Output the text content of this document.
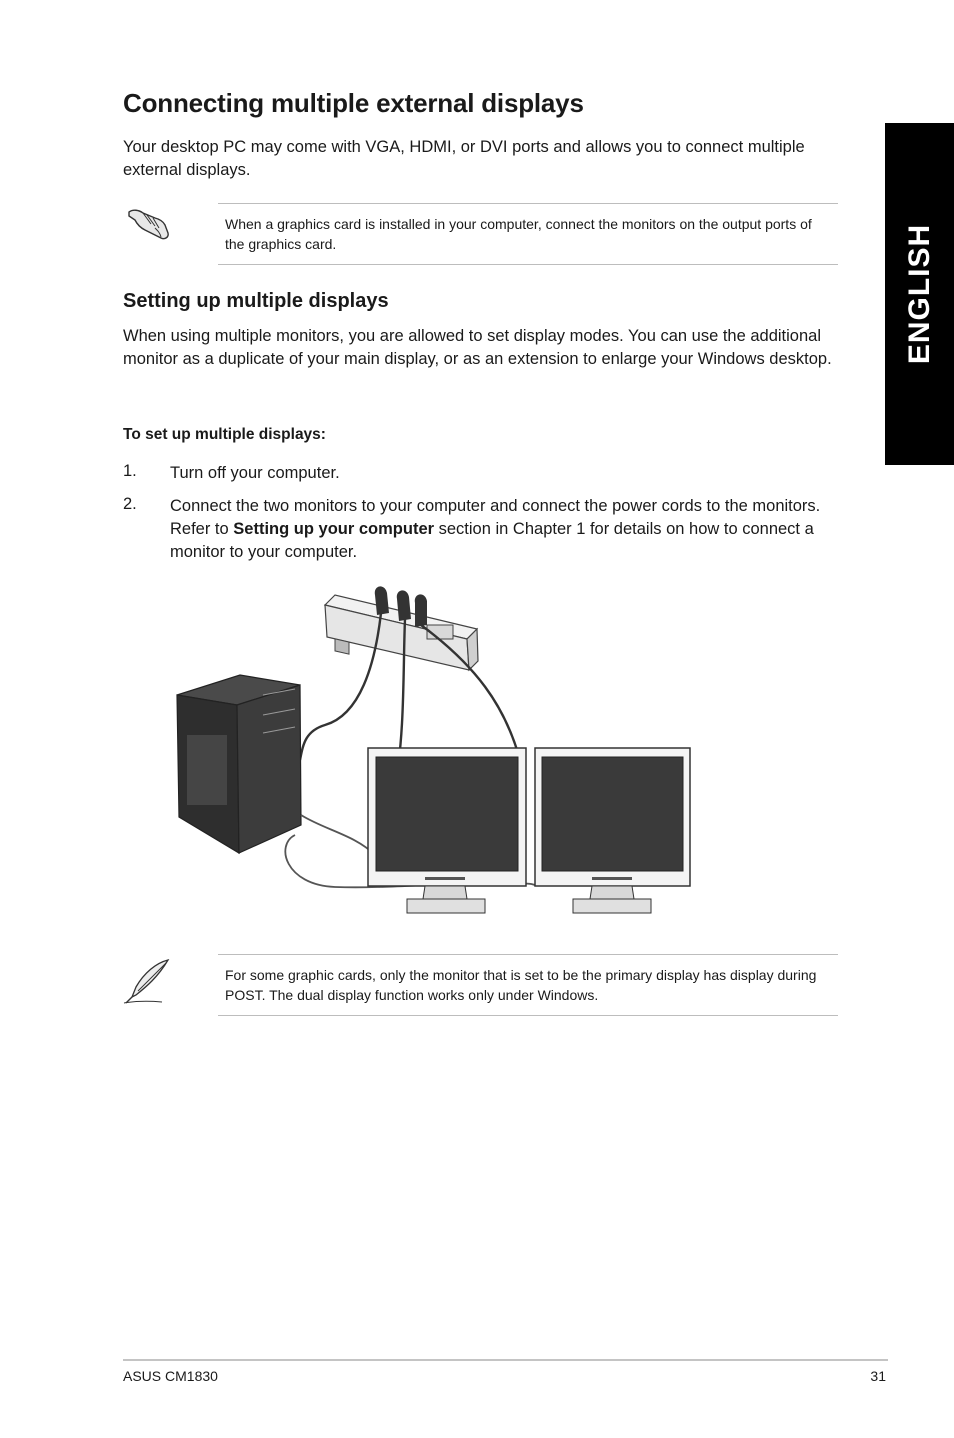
Connecting multiple external displays

Your desktop PC may come with VGA, HDMI, or DVI ports and allows you to connect multiple external displays.

When a graphics card is installed in your computer, connect the monitors on the output ports of the graphics card.

Setting up multiple displays

When using multiple monitors, you are allowed to set display modes. You can use the additional monitor as a duplicate of your main display, or as an extension to enlarge your Windows desktop.

To set up multiple displays:
1. Turn off your computer.

2. Connect the two monitors to your computer and connect the power cords to the monitors. Refer to Setting up your computer section in Chapter 1 for details on how to connect a monitor to your computer.

For some graphic cards, only the monitor that is set to be the primary display has display during POST. The dual display function works only under Windows.

ENGLISH
ASUS CM1830	31
